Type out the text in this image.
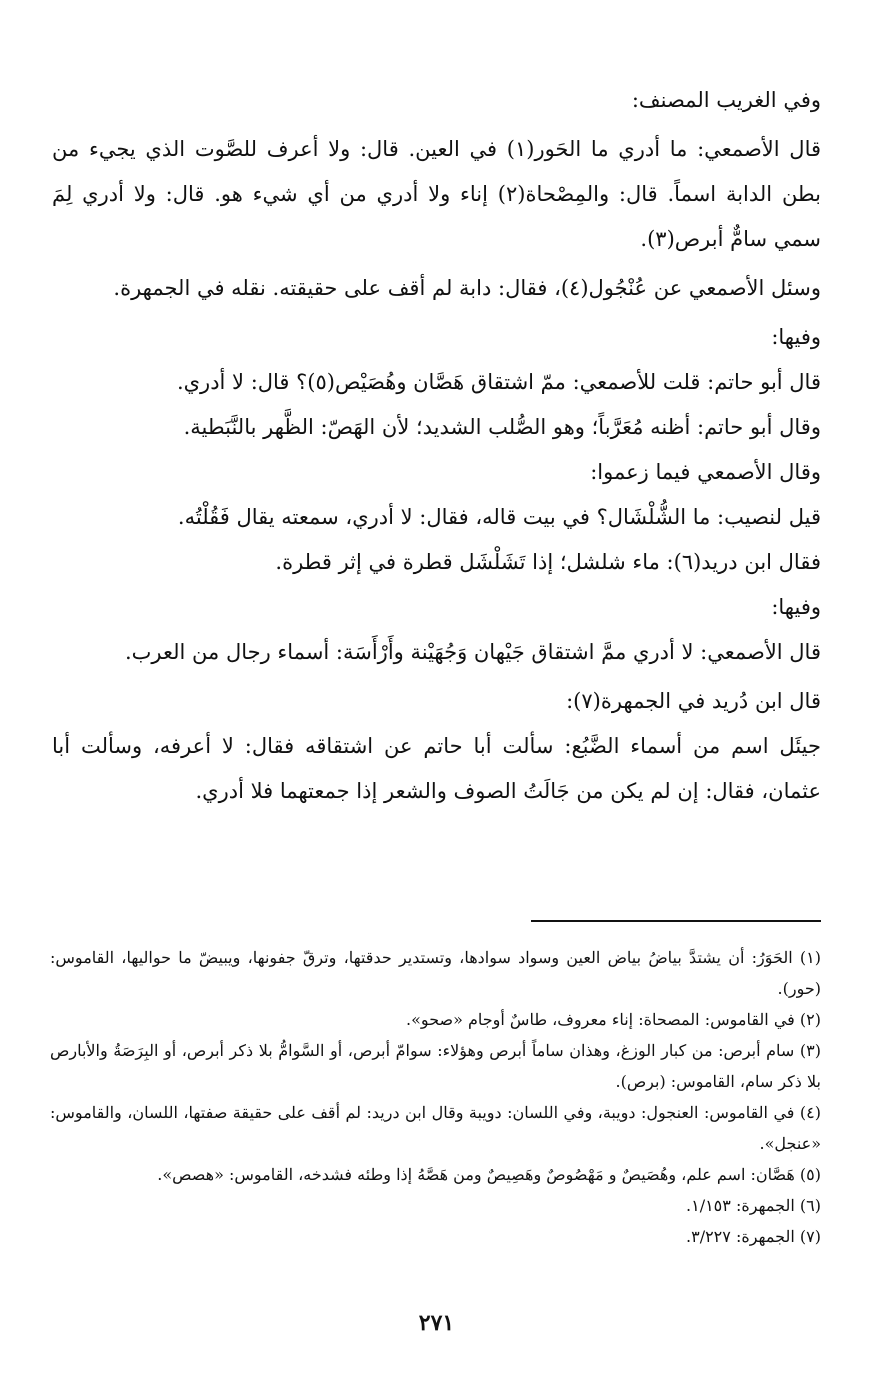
وفي الغريب المصنف:

قال الأصمعي: ما أدري ما الحَور(١) في العين. قال: ولا أعرف للصَّوت الذي يجيء من بطن الدابة اسماً. قال: والمِصْحاة(٢) إناء ولا أدري من أي شيء هو. قال: ولا أدري لِمَ سمي سامٌّ أبرص(٣).

وسئل الأصمعي عن عُنْجُول(٤)، فقال: دابة لم أقف على حقيقته. نقله في الجمهرة.

وفيها:

قال أبو حاتم: قلت للأصمعي: ممّ اشتقاق هَصَّان وهُصَيْص(٥)؟ قال: لا أدري.

وقال أبو حاتم: أظنه مُعَرَّباً؛ وهو الصُّلب الشديد؛ لأن الهَصّ: الظَّهر بالنَّبَطية.

وقال الأصمعي فيما زعموا:

قيل لنصيب: ما الشُّلْشَال؟ في بيت قاله، فقال: لا أدري، سمعته يقال فَقُلْتُه.

فقال ابن دريد(٦): ماء شلشل؛ إذا تَشَلْشَل قطرة في إثر قطرة.

وفيها:

قال الأصمعي: لا أدري ممَّ اشتقاق جَيْهان وَجُهَيْنة وأَرْأَسَة: أسماء رجال من العرب.

قال ابن دُريد في الجمهرة(٧):

جيئَل اسم من أسماء الضَّبُع: سألت أبا حاتم عن اشتقاقه فقال: لا أعرفه، وسألت أبا عثمان، فقال: إن لم يكن من جَالَتُ الصوف والشعر إذا جمعتهما فلا أدري.

(١) الحَوَرُ: أن يشتدَّ بياضُ بياض العين وسواد سوادها، وتستدير حدقتها، وترقّ جفونها، ويبيضّ ما حواليها، القاموس: (حور).

(٢) في القاموس: المصحاة: إناء معروف، طاسٌ أوجام «صحو».

(٣) سام أبرص: من كبار الوزغ، وهذان ساماً أبرص وهؤلاء: سوامّ أبرص، أو السَّوامُّ بلا ذكر أبرص، أو البِرَصَةُ والأبارص بلا ذكر سام، القاموس: (برص).

(٤) في القاموس: العنجول: دويبة، وفي اللسان: دويبة وقال ابن دريد: لم أقف على حقيقة صفتها، اللسان، والقاموس: «عنجل».

(٥) هَصَّان: اسم علم، وهُصَيصٌ و مَهْصُوصٌ وهَصِيصٌ ومن هَصَّهُ إذا وطئه فشدخه، القاموس: «هصص».

(٦) الجمهرة: ١/١٥٣.

(٧) الجمهرة: ٣/٢٢٧.

٢٧١
